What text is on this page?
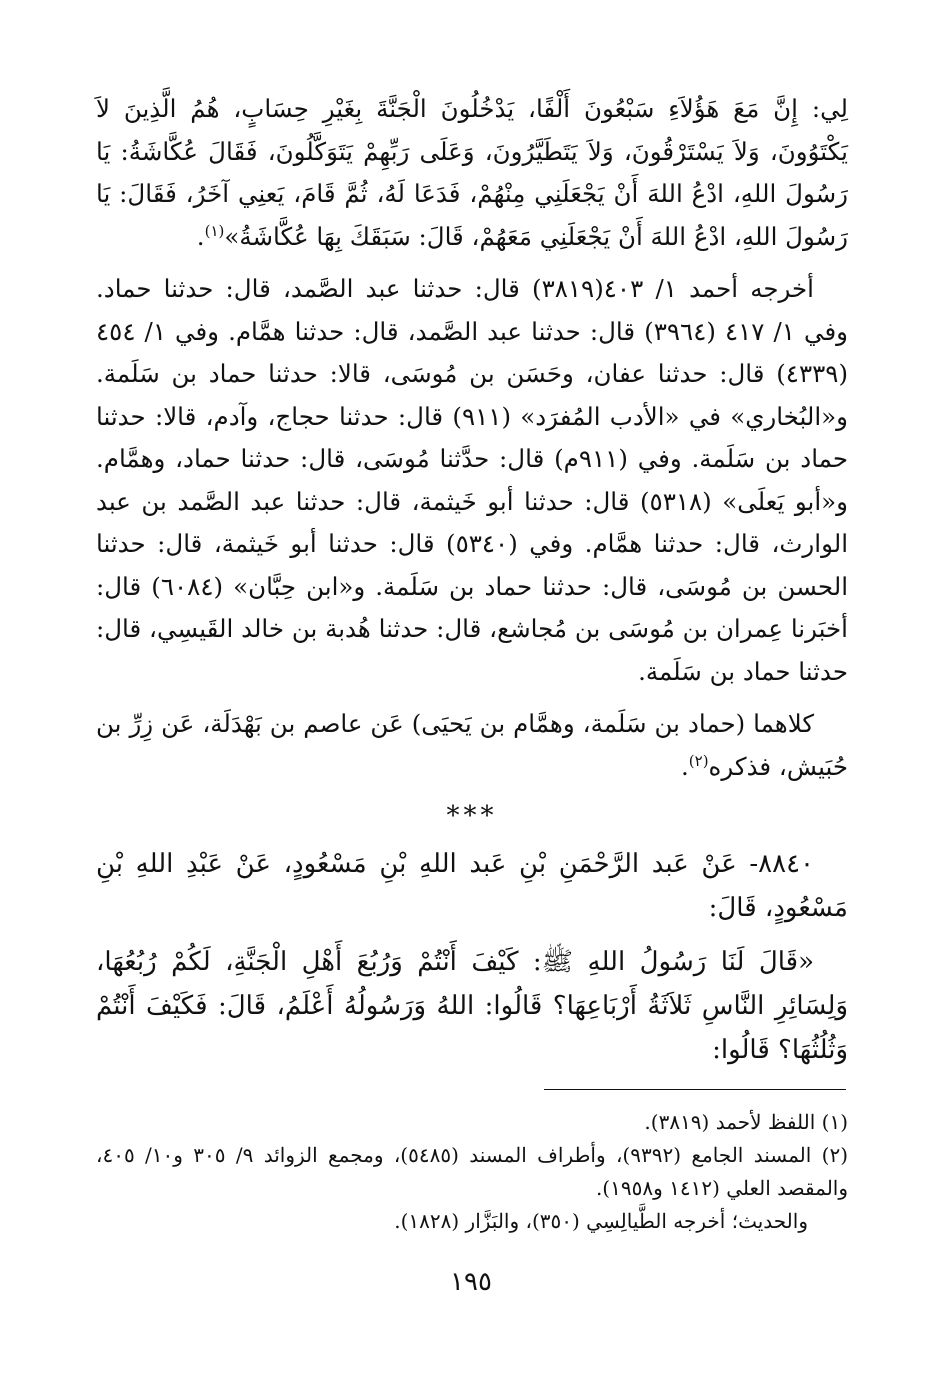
لِي: إِنَّ مَعَ هَؤُلاَءِ سَبْعُونَ أَلْفًا، يَدْخُلُونَ الْجَنَّةَ بِغَيْرِ حِسَابٍ، هُمُ الَّذِينَ لاَ يَكْتَوُونَ، وَلاَ يَسْتَرْقُونَ، وَلاَ يَتَطَيَّرُونَ، وَعَلَى رَبِّهِمْ يَتَوَكَّلُونَ، فَقَالَ عُكَّاشَةُ: يَا رَسُولَ اللهِ، ادْعُ اللهَ أَنْ يَجْعَلَنِي مِنْهُمْ، فَدَعَا لَهُ، ثُمَّ قَامَ، يَعنِي آخَرُ، فَقَالَ: يَا رَسُولَ اللهِ، ادْعُ اللهَ أَنْ يَجْعَلَنِي مَعَهُمْ، قَالَ: سَبَقَكَ بِهَا عُكَّاشَةُ»$^{(١)}$.

أخرجه أحمد ١/ ٤٠٣(٣٨١٩) قال: حدثنا عبد الصَّمد، قال: حدثنا حماد. وفي ١/ ٤١٧ (٣٩٦٤) قال: حدثنا عبد الصَّمد، قال: حدثنا همَّام. وفي ١/ ٤٥٤ (٤٣٣٩) قال: حدثنا عفان، وحَسَن بن مُوسَى، قالا: حدثنا حماد بن سَلَمة. و«البُخاري» في «الأدب المُفرَد» (٩١١) قال: حدثنا حجاج، وآدم، قالا: حدثنا حماد بن سَلَمة. وفي (٩١١م) قال: حدَّثنا مُوسَى، قال: حدثنا حماد، وهمَّام. و«أبو يَعلَى» (٥٣١٨) قال: حدثنا أبو خَيثمة، قال: حدثنا عبد الصَّمد بن عبد الوارث، قال: حدثنا همَّام. وفي (٥٣٤٠) قال: حدثنا أبو خَيثمة، قال: حدثنا الحسن بن مُوسَى، قال: حدثنا حماد بن سَلَمة. و«ابن حِبَّان» (٦٠٨٤) قال: أخبَرنا عِمران بن مُوسَى بن مُجاشع، قال: حدثنا هُدبة بن خالد القَيسِي، قال: حدثنا حماد بن سَلَمة.

كلاهما (حماد بن سَلَمة، وهمَّام بن يَحيَى) عَن عاصم بن بَهْدَلَة، عَن زِرِّ بن حُبَيش، فذكره$^{(٢)}$.

***

٨٨٤٠- عَنْ عَبد الرَّحْمَنِ بْنِ عَبد اللهِ بْنِ مَسْعُودٍ، عَنْ عَبْدِ اللهِ بْنِ مَسْعُودٍ، قَالَ:

«قَالَ لَنَا رَسُولُ اللهِ ﷺ: كَيْفَ أَنْتُمْ وَرُبُعَ أَهْلِ الْجَنَّةِ، لَكُمْ رُبُعُهَا، وَلِسَائِرِ النَّاسِ ثَلاَثَةُ أَرْبَاعِهَا؟ قَالُوا: اللهُ وَرَسُولُهُ أَعْلَمُ، قَالَ: فَكَيْفَ أَنْتُمْ وَثُلُثُهَا؟ قَالُوا:

(١) اللفظ لأحمد (٣٨١٩).

(٢) المسند الجامع (٩٣٩٢)، وأطراف المسند (٥٤٨٥)، ومجمع الزوائد ٩/ ٣٠٥ و١٠/ ٤٠٥، والمقصد العلي (١٤١٢ و١٩٥٨).

والحديث؛ أخرجه الطَّيالِسِي (٣٥٠)، والبَزَّار (١٨٢٨).

١٩٥
